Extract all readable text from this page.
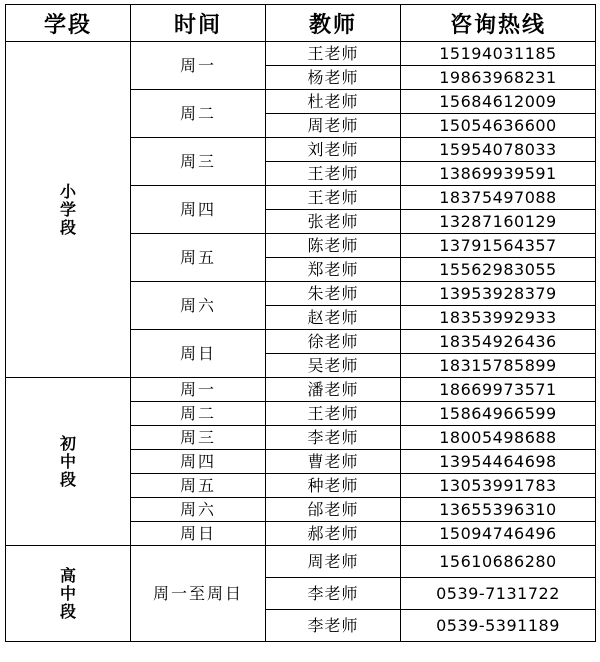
学段	时间	教师	咨询热线

小
学
段	周一	王老师	15194031185
		杨老师	19863968231
	周二	杜老师	15684612009
		周老师	15054636600
	周三	刘老师	15954078033
		王老师	13869939591
	周四	王老师	18375497088
		张老师	13287160129
	周五	陈老师	13791564357
		郑老师	15562983055
	周六	朱老师	13953928379
		赵老师	18353992933
	周日	徐老师	18354926436
		吴老师	18315785899

初
中
段	周一	潘老师	18669973571
	周二	王老师	15864966599
	周三	李老师	18005498688
	周四	曹老师	13954464698
	周五	种老师	13053991783
	周六	邰老师	13655396310
	周日	郝老师	15094746496

高
中
段	周一至周日	周老师	15610686280
		李老师	0539-7131722
		李老师	0539-5391189
